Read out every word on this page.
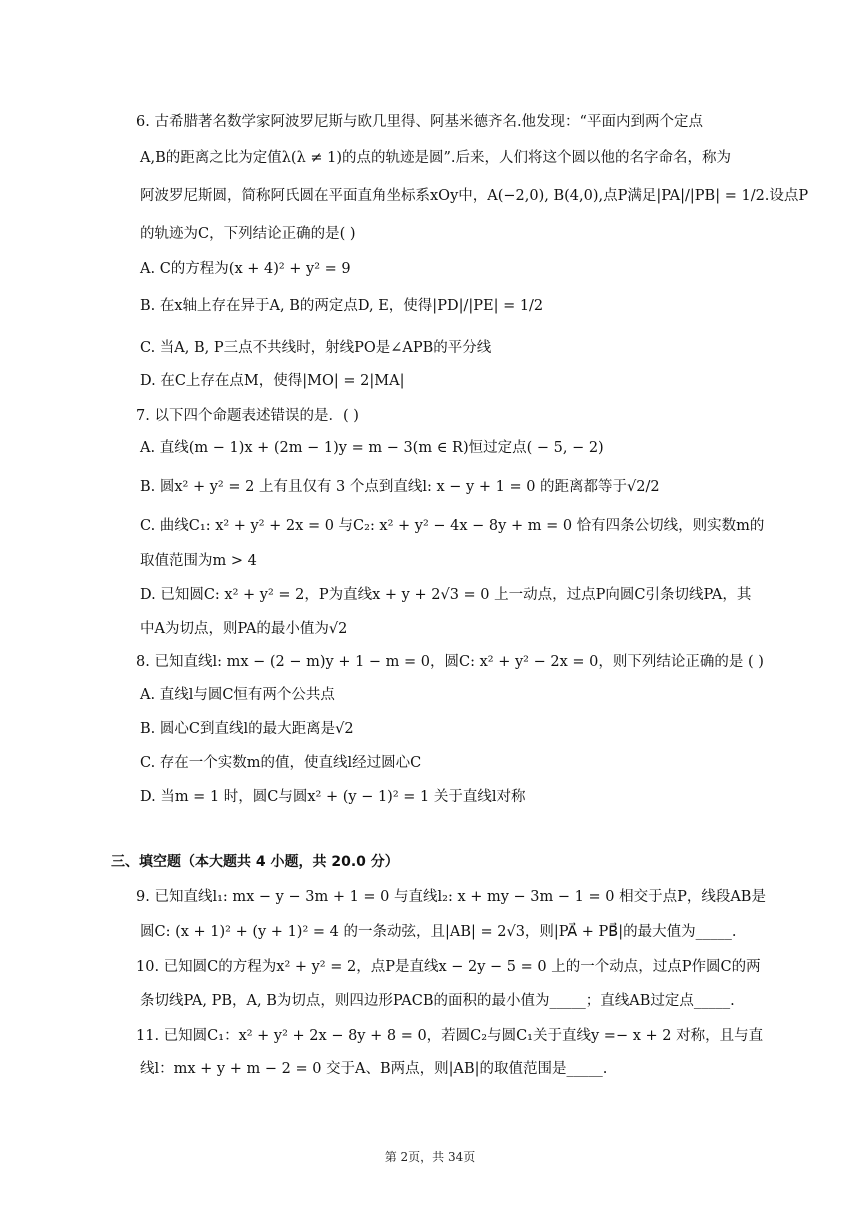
6. 古希腊著名数学家阿波罗尼斯与欧几里得、阿基米德齐名.他发现：“平面内到两个定点
A,B的距离之比为定值λ(λ ≠ 1)的点的轨迹是圆”.后来，人们将这个圆以他的名字命名，称为
阿波罗尼斯圆，简称阿氏圆在平面直角坐标系xOy中，A(−2,0), B(4,0),点P满足|PA|/|PB| = 1/2.设点P
的轨迹为C，下列结论正确的是( )
A. C的方程为(x + 4)² + y² = 9
B. 在x轴上存在异于A, B的两定点D, E，使得|PD|/|PE| = 1/2
C. 当A, B, P三点不共线时，射线PO是∠APB的平分线
D. 在C上存在点M，使得|MO| = 2|MA|
7. 以下四个命题表述错误的是．( )
A. 直线(m − 1)x + (2m − 1)y = m − 3(m ∈ R)恒过定点( − 5, − 2)
B. 圆x² + y² = 2 上有且仅有 3 个点到直线l: x − y + 1 = 0 的距离都等于√2/2
C. 曲线C₁: x² + y² + 2x = 0 与C₂: x² + y² − 4x − 8y + m = 0 恰有四条公切线，则实数m的
取值范围为m > 4
D. 已知圆C: x² + y² = 2，P为直线x + y + 2√3 = 0 上一动点，过点P向圆C引条切线PA，其
中A为切点，则PA的最小值为√2
8. 已知直线l: mx − (2 − m)y + 1 − m = 0，圆C: x² + y² − 2x = 0，则下列结论正确的是 ( )
A. 直线l与圆C恒有两个公共点
B. 圆心C到直线l的最大距离是√2
C. 存在一个实数m的值，使直线l经过圆心C
D. 当m = 1 时，圆C与圆x² + (y − 1)² = 1 关于直线l对称
三、填空题（本大题共 4 小题，共 20.0 分）
9. 已知直线l₁: mx − y − 3m + 1 = 0 与直线l₂: x + my − 3m − 1 = 0 相交于点P，线段AB是
圆C: (x + 1)² + (y + 1)² = 4 的一条动弦，且|AB| = 2√3，则|PA⃗ + PB⃗|的最大值为_____.
10. 已知圆C的方程为x² + y² = 2，点P是直线x − 2y − 5 = 0 上的一个动点，过点P作圆C的两
条切线PA, PB，A, B为切点，则四边形PACB的面积的最小值为_____；直线AB过定点_____.
11. 已知圆C₁：x² + y² + 2x − 8y + 8 = 0，若圆C₂与圆C₁关于直线y =− x + 2 对称，且与直
线l：mx + y + m − 2 = 0 交于A、B两点，则|AB|的取值范围是_____.
第 2页，共 34页
